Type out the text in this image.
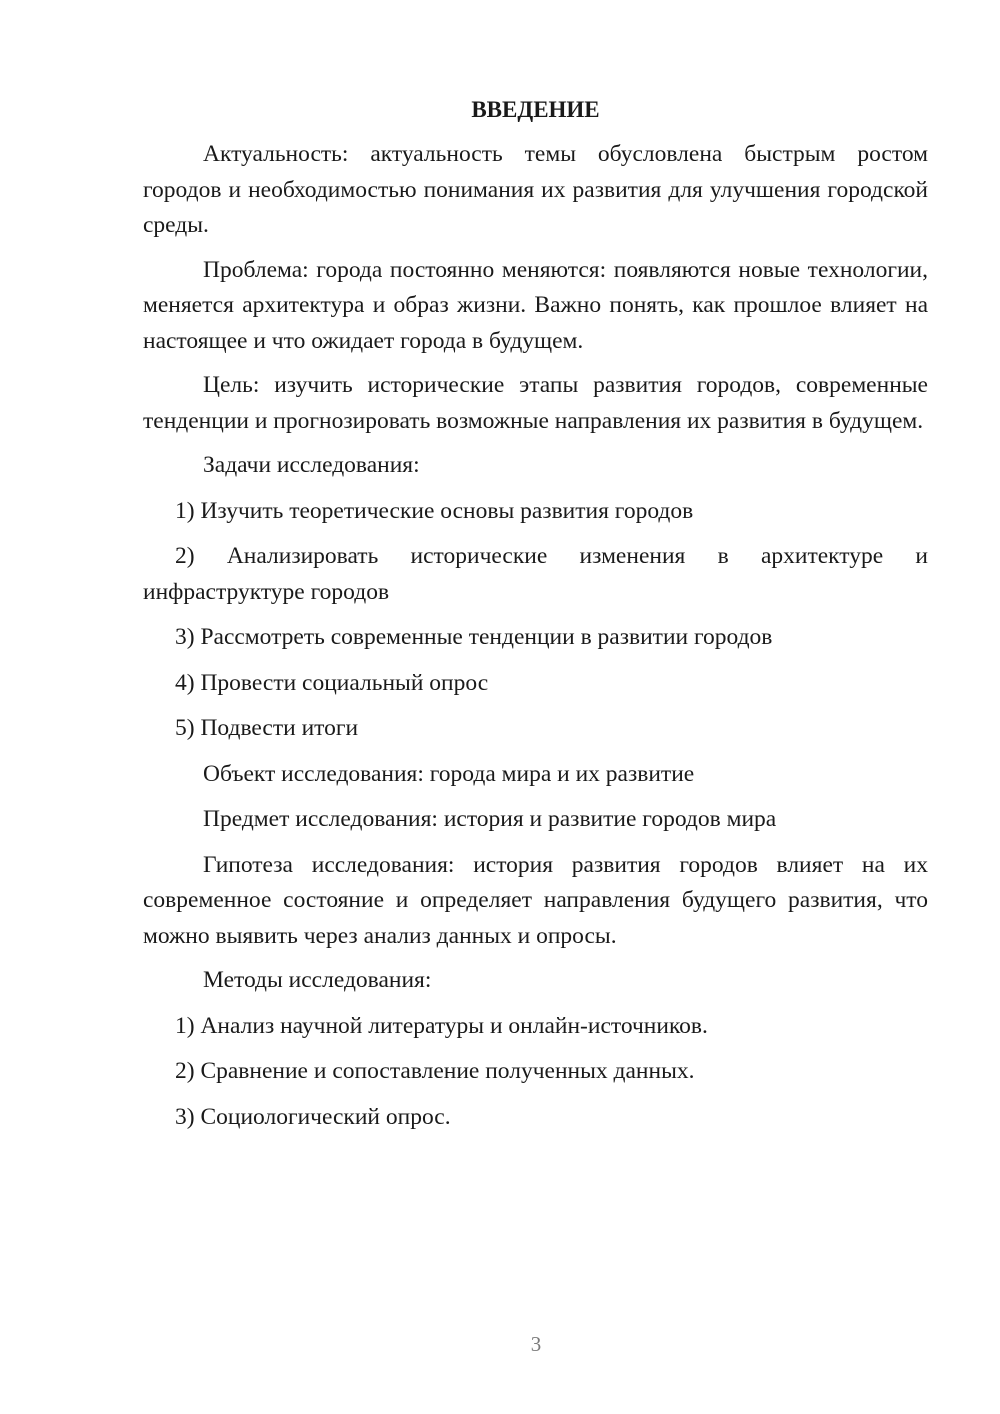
ВВЕДЕНИЕ
Актуальность: актуальность темы обусловлена быстрым ростом городов и необходимостью понимания их развития для улучшения городской среды.
Проблема: города постоянно меняются: появляются новые технологии, меняется архитектура и образ жизни. Важно понять, как прошлое влияет на настоящее и что ожидает города в будущем.
Цель: изучить исторические этапы развития городов, современные тенденции и прогнозировать возможные направления их развития в будущем.
Задачи исследования:
1) Изучить теоретические основы развития городов
2) Анализировать исторические изменения в архитектуре и инфраструктуре городов
3) Рассмотреть современные тенденции в развитии городов
4) Провести социальный опрос
5) Подвести итоги
Объект исследования: города мира и их развитие
Предмет исследования: история и развитие городов мира
Гипотеза исследования: история развития городов влияет на их современное состояние и определяет направления будущего развития, что можно выявить через анализ данных и опросы.
Методы исследования:
1) Анализ научной литературы и онлайн-источников.
2) Сравнение и сопоставление полученных данных.
3) Социологический опрос.
3
